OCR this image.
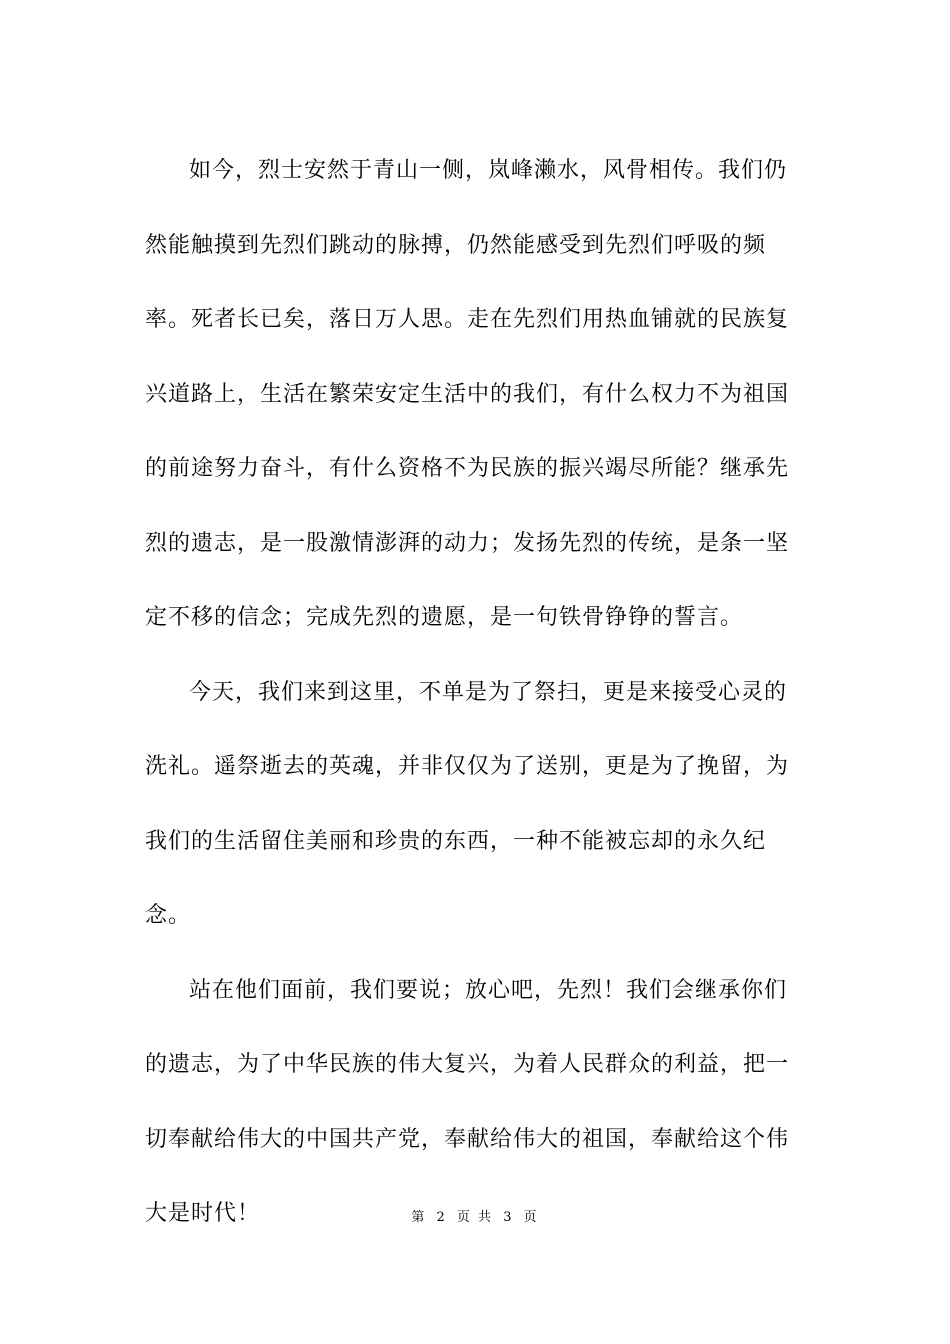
如今，烈士安然于青山一侧，岚峰濑水，风骨相传。我们仍然能触摸到先烈们跳动的脉搏，仍然能感受到先烈们呼吸的频率。死者长已矣，落日万人思。走在先烈们用热血铺就的民族复兴道路上，生活在繁荣安定生活中的我们，有什么权力不为祖国的前途努力奋斗，有什么资格不为民族的振兴竭尽所能？继承先烈的遗志，是一股激情澎湃的动力；发扬先烈的传统，是条一坚定不移的信念；完成先烈的遗愿，是一句铁骨铮铮的誓言。

今天，我们来到这里，不单是为了祭扫，更是来接受心灵的洗礼。遥祭逝去的英魂，并非仅仅为了送别，更是为了挽留，为我们的生活留住美丽和珍贵的东西，一种不能被忘却的永久纪念。

站在他们面前，我们要说；放心吧，先烈！我们会继承你们的遗志，为了中华民族的伟大复兴，为着人民群众的利益，把一切奉献给伟大的中国共产党，奉献给伟大的祖国，奉献给这个伟大是时代！	第 2 页 共 3 页
